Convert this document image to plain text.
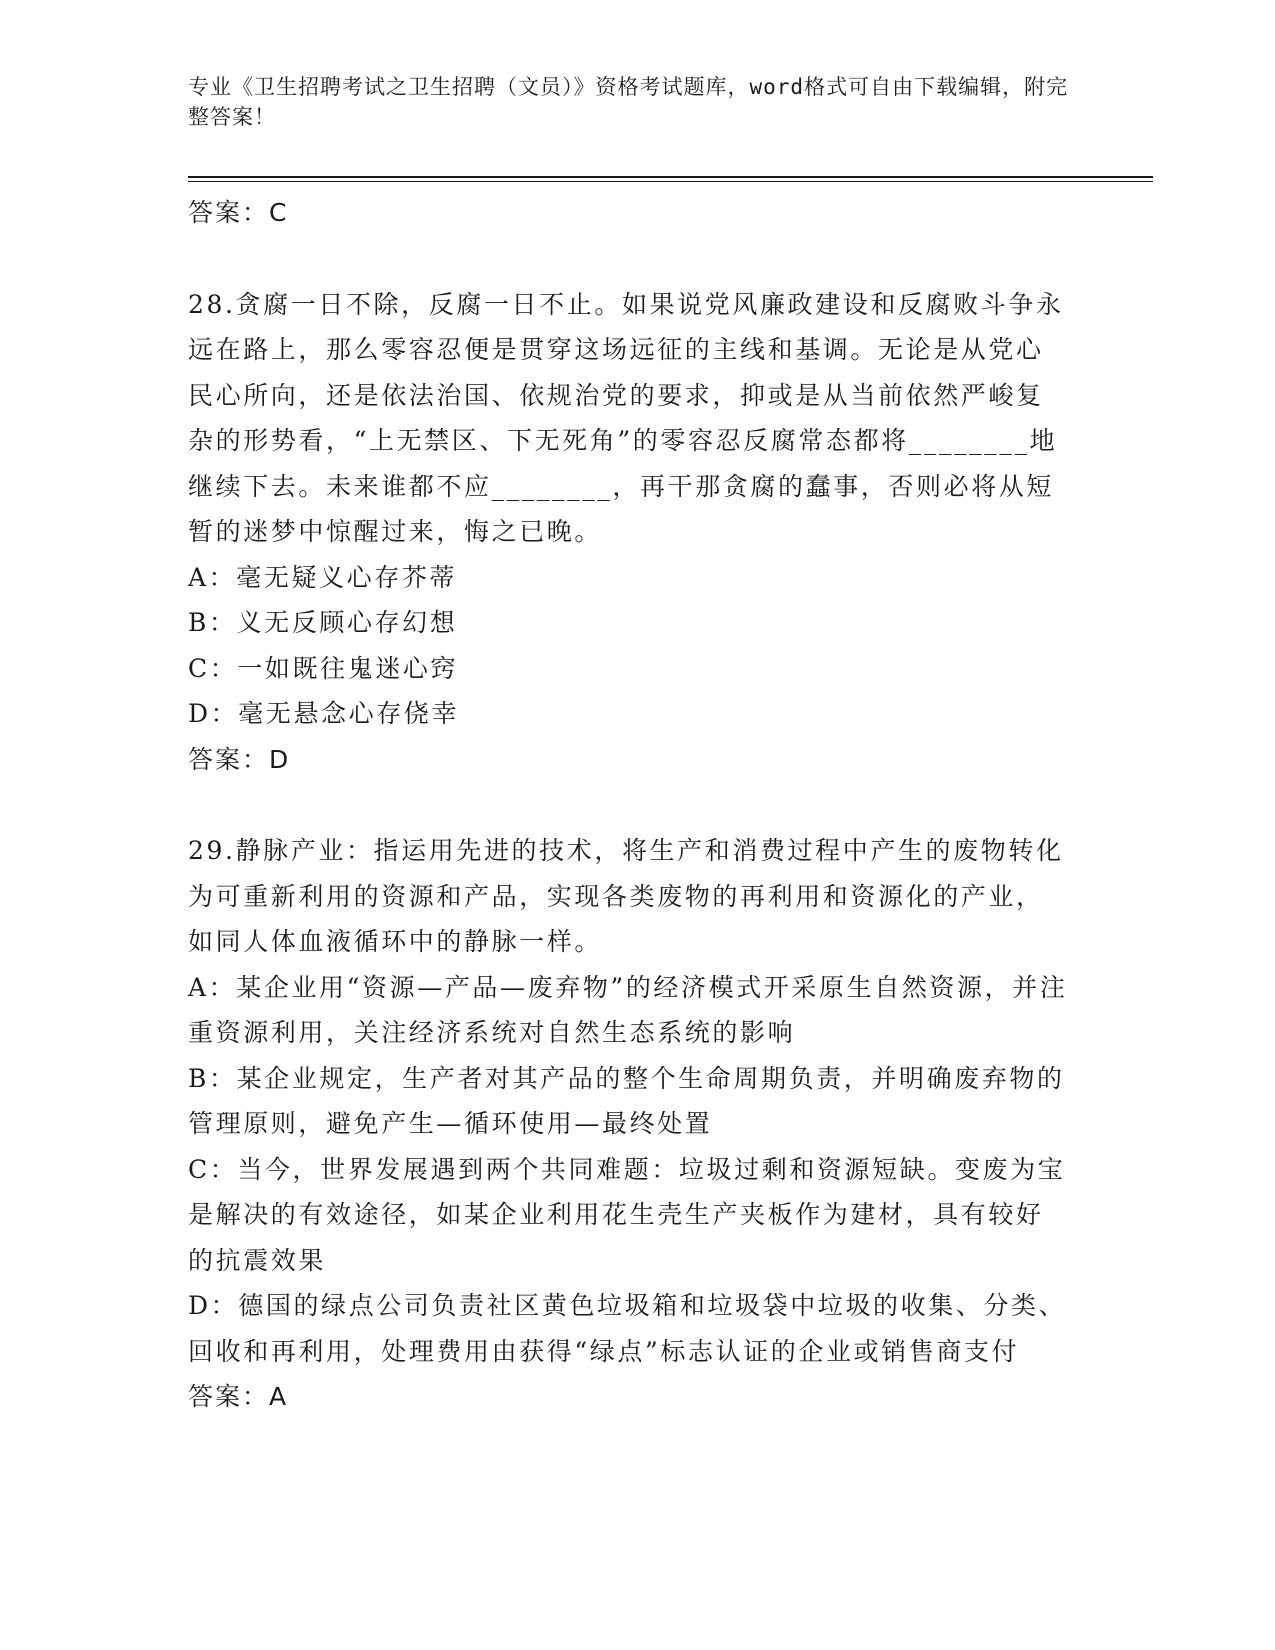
专业《卫生招聘考试之卫生招聘（文员）》资格考试题库，word格式可自由下载编辑，附完整答案！

答案：C

28.贪腐一日不除，反腐一日不止。如果说党风廉政建设和反腐败斗争永远在路上，那么零容忍便是贯穿这场远征的主线和基调。无论是从党心民心所向，还是依法治国、依规治党的要求，抑或是从当前依然严峻复杂的形势看，“上无禁区、下无死角”的零容忍反腐常态都将________地继续下去。未来谁都不应________，再干那贪腐的蠢事，否则必将从短暂的迷梦中惊醒过来，悔之已晚。

A：毫无疑义心存芥蒂

B：义无反顾心存幻想

C：一如既往鬼迷心窍

D：毫无悬念心存侥幸

答案：D

29.静脉产业：指运用先进的技术，将生产和消费过程中产生的废物转化为可重新利用的资源和产品，实现各类废物的再利用和资源化的产业，如同人体血液循环中的静脉一样。

A：某企业用“资源—产品—废弃物”的经济模式开采原生自然资源，并注重资源利用，关注经济系统对自然生态系统的影响

B：某企业规定，生产者对其产品的整个生命周期负责，并明确废弃物的管理原则，避免产生—循环使用—最终处置

C：当今，世界发展遇到两个共同难题：垃圾过剩和资源短缺。变废为宝是解决的有效途径，如某企业利用花生壳生产夹板作为建材，具有较好的抗震效果

D：德国的绿点公司负责社区黄色垃圾箱和垃圾袋中垃圾的收集、分类、回收和再利用，处理费用由获得“绿点”标志认证的企业或销售商支付

答案：A
